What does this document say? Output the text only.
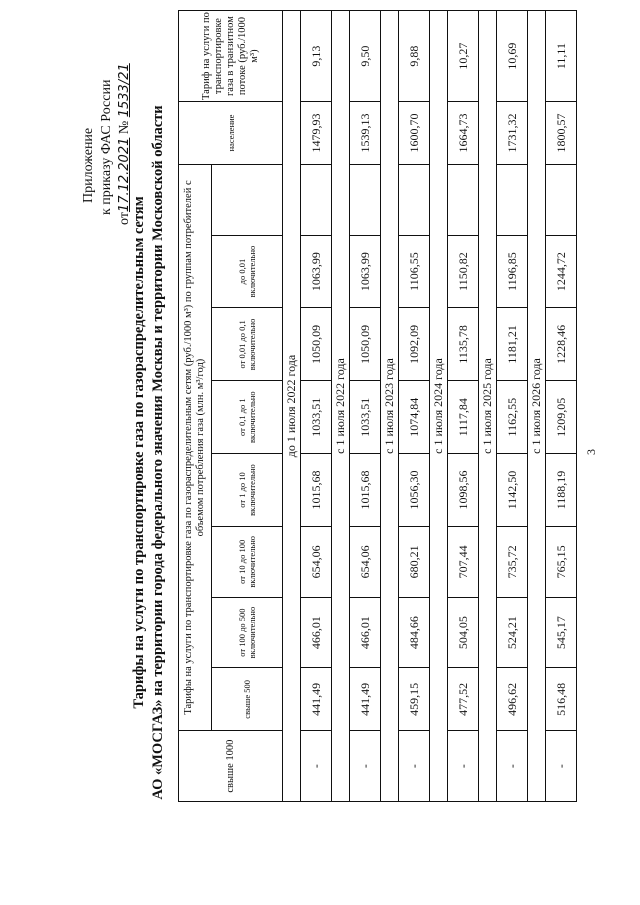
3
Приложение к приказу ФАС России
от17.12.2021 № 1533/21
Тарифы на услуги по транспортировке газа по газораспределительным сетям АО «МОСГАЗ» на территории города федерального значения Москвы и территории Московской области	свыше 1000	Тарифы на услуги по транспортировке газа по газораспределительным сетям (руб./1000 м³) по группам потребителей с объемом потребления газа (млн. м³/год)								население	Тариф на услуги по транспортировке газа в транзитном потоке (руб./1000 м³)
	свыше 500	от 100 до 500 включительно	от 10 до 100 включительно	от 1 до 10 включительно	от 0,1 до 1 включительно	от 0,01 до 0,1 включительно	до 0,01 включительно			
до 1 июля 2022 года										
-	441,49	466,01	654,06	1015,68	1033,51	1050,09	1063,99		1479,93	9,13
с 1 июля 2022 года										
-	441,49	466,01	654,06	1015,68	1033,51	1050,09	1063,99		1539,13	9,50
с 1 июля 2023 года										
-	459,15	484,66	680,21	1056,30	1074,84	1092,09	1106,55		1600,70	9,88
с 1 июля 2024 года										
-	477,52	504,05	707,44	1098,56	1117,84	1135,78	1150,82		1664,73	10,27
с 1 июля 2025 года										
-	496,62	524,21	735,72	1142,50	1162,55	1181,21	1196,85		1731,32	10,69
с 1 июля 2026 года										
-	516,48	545,17	765,15	1188,19	1209,05	1228,46	1244,72		1800,57	11,11
